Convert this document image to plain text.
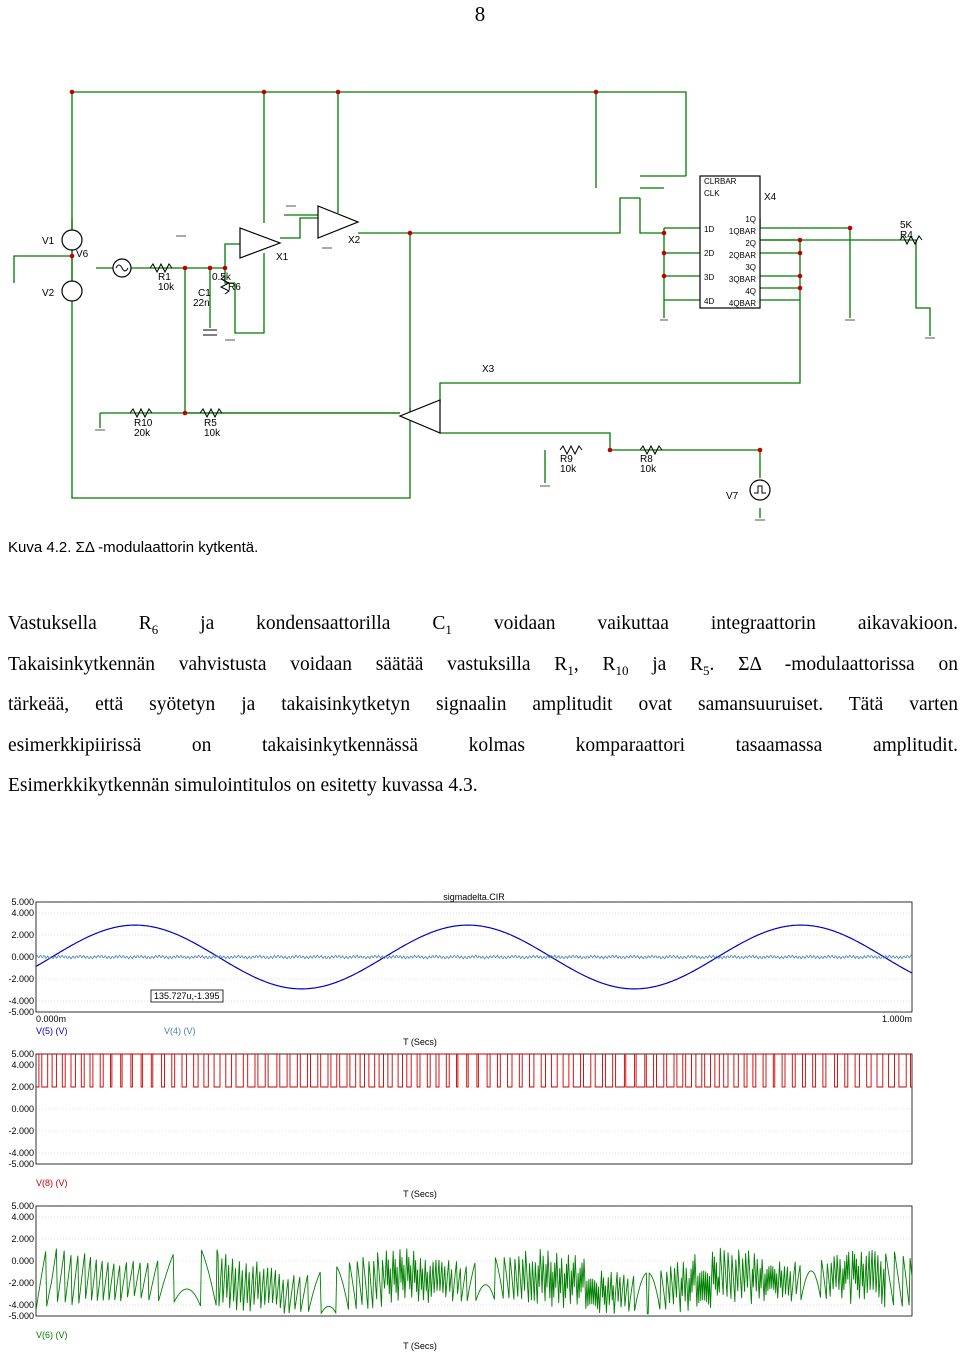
8
V1
V2
V6
V7
R1
10k
0.5k
R6
C1
22n
X1
X2
X3
X4
R10
20k
R5
10k
R9
10k
R8
10k
5K
R4
CLRBAR
CLK
1D
2D
3D
4D
1Q
1QBAR
2Q
2QBAR
3Q
3QBAR
4Q
4QBAR
Kuva 4.2. ΣΔ -modulaattorin kytkentä.
Vastuksella $R_6$ ja kondensaattorilla $C_1$ voidaan vaikuttaa integraattorin aikavakioon.
Takaisinkytkennän vahvistusta voidaan säätää vastuksilla $R_1$, $R_{10}$ ja $R_5$. ΣΔ -modulaattorissa on
tärkeää, että syötetyn ja takaisinkytketyn signaalin amplitudit ovat samansuuruiset. Tätä varten
esimerkkipiirissä on takaisinkytkennässä kolmas komparaattori tasaamassa amplitudit.
Esimerkkikytkennän simulointitulos on esitetty kuvassa 4.3.
sigmadelta.CIR
5.000
4.000
2.000
0.000
-2.000
-4.000
-5.000
0.000m	1.000m
T (Secs)
V(5) (V)	V(4) (V)
135.727u,-1.395
5.000
4.000
2.000
0.000
-2.000
-4.000
-5.000
T (Secs)
V(8) (V)
5.000
4.000
2.000
0.000
-2.000
-4.000
-5.000
T (Secs)
V(6) (V)
